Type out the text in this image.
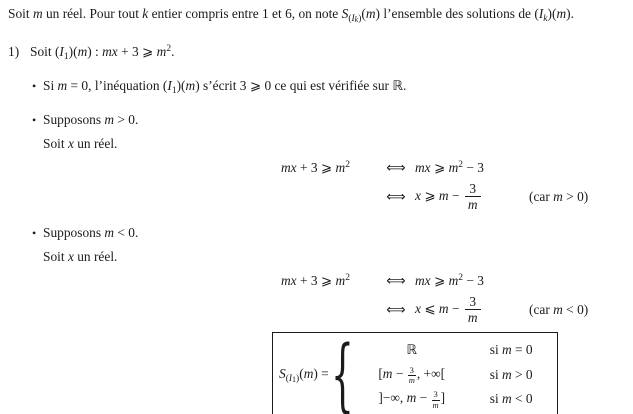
Soit m un réel. Pour tout k entier compris entre 1 et 6, on note $S_{(Ik)}(m)$ l’ensemble des solutions de $(I_k)(m)$.

1) Soit $(I_1)(m)$ : mx + 3 ⩾ $m^2$.
• Si m = 0, l’inéquation $(I_1)(m)$ s’écrit 3 ⩾ 0 ce qui est vérifiée sur ℝ.
• Supposons m > 0.

Soit x un réel.

mx + 3 ⩾ $m^2$	⟺ mx ⩾ $m^2 - 3$
⟺ x ⩾ $m - \frac{3}{m}$	(car m > 0)
• Supposons m < 0.

Soit x un réel.

mx + 3 ⩾ $m^2$	⟺ mx ⩾ $m^2 - 3$
⟺ x ⩽ $m - \frac{3}{m}$	(car m < 0)
$S_{(I1)}(m)$ = {	ℝ	si m = 0
[$m - \frac{3}{m}$ , +∞[	si m > 0
]−∞, $m - \frac{3}{m}$ ]	si m < 0
